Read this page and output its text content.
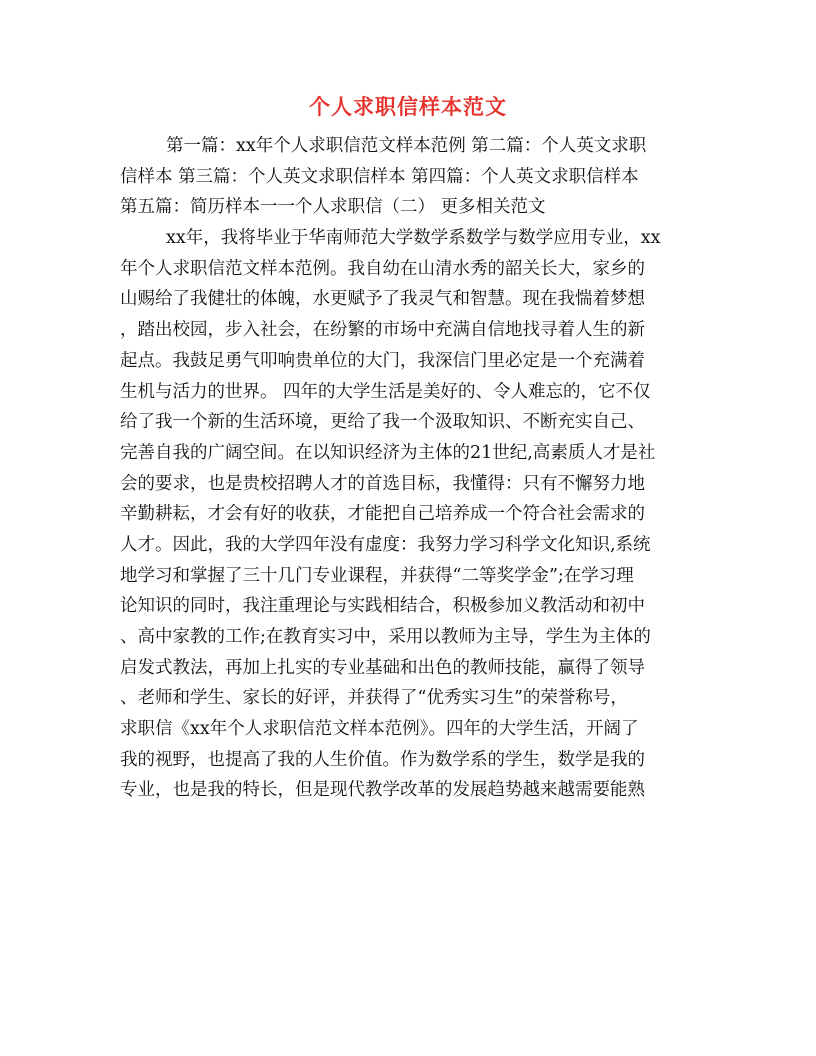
个人求职信样本范文
第一篇：xx年个人求职信范文样本范例 第二篇：个人英文求职
信样本 第三篇：个人英文求职信样本 第四篇：个人英文求职信样本
第五篇：简历样本一一个人求职信（二） 更多相关范文
xx年，我将毕业于华南师范大学数学系数学与数学应用专业，xx
年个人求职信范文样本范例。我自幼在山清水秀的韶关长大，家乡的
山赐给了我健壮的体魄，水更赋予了我灵气和智慧。现在我惴着梦想
，踏出校园，步入社会，在纷繁的市场中充满自信地找寻着人生的新
起点。我鼓足勇气叩响贵单位的大门，我深信门里必定是一个充满着
生机与活力的世界。 四年的大学生活是美好的、令人难忘的，它不仅
给了我一个新的生活环境，更给了我一个汲取知识、不断充实自己、
完善自我的广阔空间。在以知识经济为主体的21世纪,高素质人才是社
会的要求，也是贵校招聘人才的首选目标，我懂得：只有不懈努力地
辛勤耕耘，才会有好的收获，才能把自己培养成一个符合社会需求的
人才。因此，我的大学四年没有虚度：我努力学习科学文化知识,系统
地学习和掌握了三十几门专业课程，并获得“二等奖学金”;在学习理
论知识的同时，我注重理论与实践相结合，积极参加义教活动和初中
、高中家教的工作;在教育实习中，采用以教师为主导，学生为主体的
启发式教法，再加上扎实的专业基础和出色的教师技能，赢得了领导
、老师和学生、家长的好评，并获得了“优秀实习生”的荣誉称号，
求职信《xx年个人求职信范文样本范例》。四年的大学生活，开阔了
我的视野，也提高了我的人生价值。作为数学系的学生，数学是我的
专业，也是我的特长，但是现代教学改革的发展趋势越来越需要能熟
